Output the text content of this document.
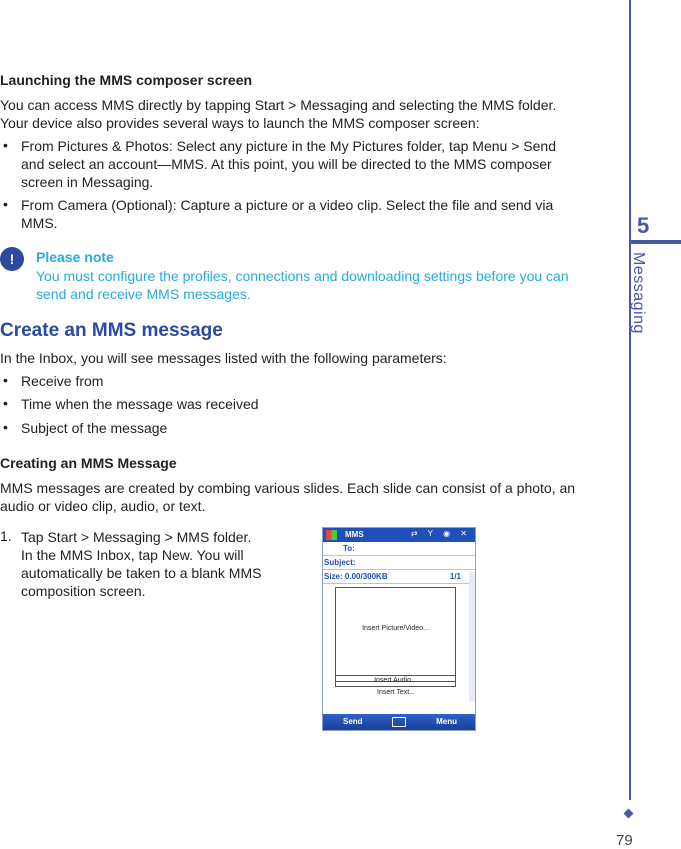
5
Messaging
79
Launching the MMS composer screen
You can access MMS directly by tapping Start > Messaging and selecting the MMS folder.
Your device also provides several ways to launch the MMS composer screen:
• From Pictures & Photos: Select any picture in the My Pictures folder, tap Menu > Send
and select an account—MMS. At this point, you will be directed to the MMS composer
screen in Messaging.
• From Camera (Optional): Capture a picture or a video clip. Select the file and send via
MMS.
!	Please note
You must configure the profiles, connections and downloading settings before you can
send and receive MMS messages.
Create an MMS message
In the Inbox, you will see messages listed with the following parameters:
• Receive from
• Time when the message was received
• Subject of the message
Creating an MMS Message
MMS messages are created by combing various slides. Each slide can consist of a photo, an
audio or video clip, audio, or text.
1. Tap Start > Messaging > MMS folder.
In the MMS Inbox, tap New. You will
automatically be taken to a blank MMS
composition screen.
MMS	⇄ Y ◉ ✕
To:
Subject:
Size: 0.00/300KB	1/1
Insert Picture/Video...
Insert Audio...
Insert Text...
Send	Menu
